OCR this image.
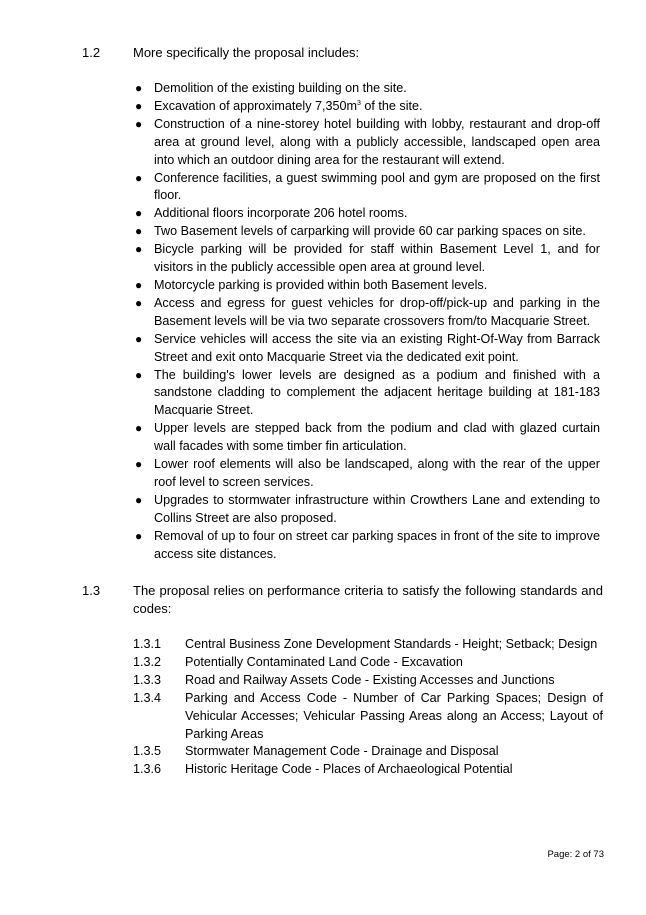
1.2	More specifically the proposal includes:
● Demolition of the existing building on the site.
● Excavation of approximately $7,350m^3$ of the site.
● Construction of a nine-storey hotel building with lobby, restaurant and drop-off area at ground level, along with a publicly accessible, landscaped open area into which an outdoor dining area for the restaurant will extend.
● Conference facilities, a guest swimming pool and gym are proposed on the first floor.
● Additional floors incorporate 206 hotel rooms.
● Two Basement levels of carparking will provide 60 car parking spaces on site.
● Bicycle parking will be provided for staff within Basement Level 1, and for visitors in the publicly accessible open area at ground level.
● Motorcycle parking is provided within both Basement levels.
● Access and egress for guest vehicles for drop-off/pick-up and parking in the Basement levels will be via two separate crossovers from/to Macquarie Street.
● Service vehicles will access the site via an existing Right-Of-Way from Barrack Street and exit onto Macquarie Street via the dedicated exit point.
● The building's lower levels are designed as a podium and finished with a sandstone cladding to complement the adjacent heritage building at 181-183 Macquarie Street.
● Upper levels are stepped back from the podium and clad with glazed curtain wall facades with some timber fin articulation.
● Lower roof elements will also be landscaped, along with the rear of the upper roof level to screen services.
● Upgrades to stormwater infrastructure within Crowthers Lane and extending to Collins Street are also proposed.
● Removal of up to four on street car parking spaces in front of the site to improve access site distances.
1.3	The proposal relies on performance criteria to satisfy the following standards and codes:
1.3.1	Central Business Zone Development Standards - Height; Setback; Design
1.3.2	Potentially Contaminated Land Code - Excavation
1.3.3	Road and Railway Assets Code - Existing Accesses and Junctions
1.3.4	Parking and Access Code - Number of Car Parking Spaces; Design of Vehicular Accesses; Vehicular Passing Areas along an Access; Layout of Parking Areas
1.3.5	Stormwater Management Code - Drainage and Disposal
1.3.6	Historic Heritage Code - Places of Archaeological Potential
Page: 2 of 73
